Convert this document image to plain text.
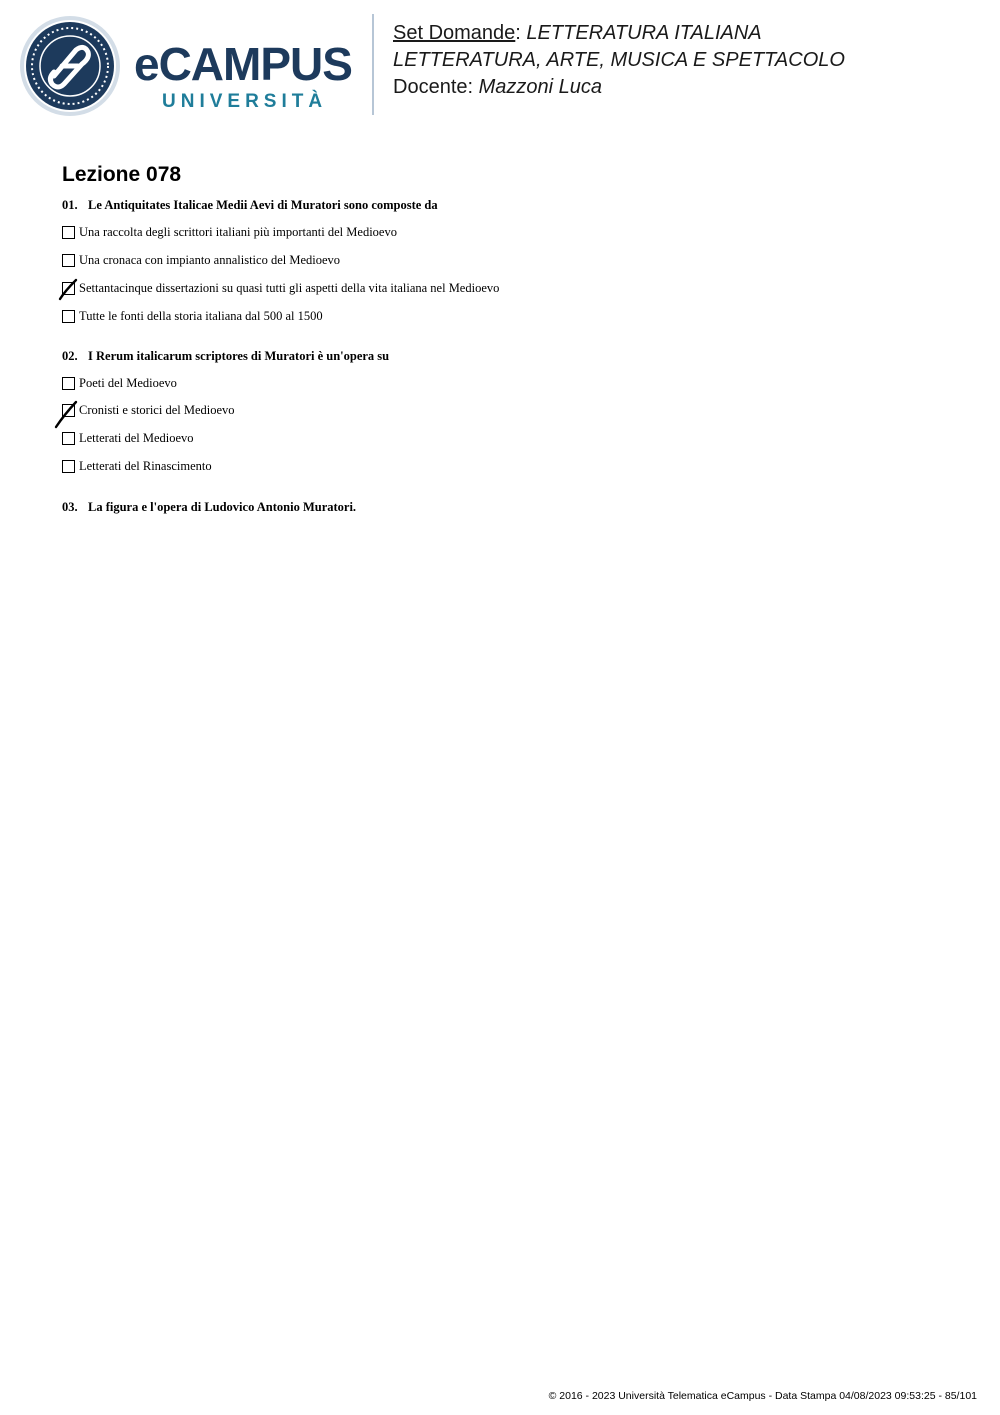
eCAMPUS
UNIVERSITÀ
Set Domande: LETTERATURA ITALIANA
LETTERATURA, ARTE, MUSICA E SPETTACOLO
Docente: Mazzoni Luca
Lezione 078
01. Le Antiquitates Italicae Medii Aevi di Muratori sono composte da
Una raccolta degli scrittori italiani più importanti del Medioevo
Una cronaca con impianto annalistico del Medioevo
Settantacinque dissertazioni su quasi tutti gli aspetti della vita italiana nel Medioevo
Tutte le fonti della storia italiana dal 500 al 1500
02. I Rerum italicarum scriptores di Muratori è un'opera su
Poeti del Medioevo
Cronisti e storici del Medioevo
Letterati del Medioevo
Letterati del Rinascimento
03. La figura e l'opera di Ludovico Antonio Muratori.
© 2016 - 2023 Università Telematica eCampus - Data Stampa 04/08/2023 09:53:25 - 85/101
